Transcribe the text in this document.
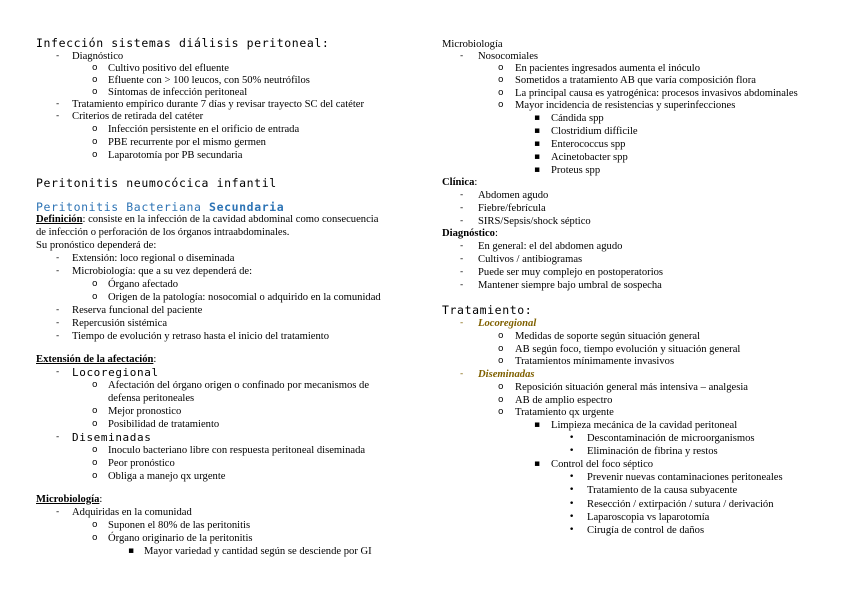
Infección sistemas diálisis peritoneal:
- Diagnóstico
o Cultivo positivo del efluente
o Efluente con > 100 leucos, con 50% neutrófilos
o Síntomas de infección peritoneal
- Tratamiento empírico durante 7 días y revisar trayecto SC del catéter
- Criterios de retirada del catéter
o Infección persistente en el orificio de entrada
o PBE recurrente por el mismo germen
o Laparotomía por PB secundaria
Peritonitis neumocócica infantil
Peritonitis Bacteriana Secundaria
Definición: consiste en la infección de la cavidad abdominal como consecuencia
de infección o perforación de los órganos intraabdominales.
Su pronóstico dependerá de:
- Extensión: loco regional o diseminada
- Microbiología: que a su vez dependerá de:
o Órgano afectado
o Origen de la patología: nosocomial o adquirido en la comunidad
- Reserva funcional del paciente
- Repercusión sistémica
- Tiempo de evolución y retraso hasta el inicio del tratamiento
Extensión de la afectación:
- Locoregional
o Afectación del órgano origen o confinado por mecanismos de
defensa peritoneales
o Mejor pronostico
o Posibilidad de tratamiento
- Diseminadas
o Inoculo bacteriano libre con respuesta peritoneal diseminada
o Peor pronóstico
o Obliga a manejo qx urgente
Microbiología:
- Adquiridas en la comunidad
o Suponen el 80% de las peritonitis
o Órgano originario de la peritonitis
▪ Mayor variedad y cantidad según se desciende por GI
Microbiología
- Nosocomiales
o En pacientes ingresados aumenta el inóculo
o Sometidos a tratamiento AB que varía composición flora
o La principal causa es yatrogénica: procesos invasivos abdominales
o Mayor incidencia de resistencias y superinfecciones
▪ Cándida spp
▪ Clostridium difficile
▪ Enterococcus spp
▪ Acinetobacter spp
▪ Proteus spp
Clínica:
- Abdomen agudo
- Fiebre/febrícula
- SIRS/Sepsis/shock séptico
Diagnóstico:
- En general: el del abdomen agudo
- Cultivos / antibiogramas
- Puede ser muy complejo en postoperatorios
- Mantener siempre bajo umbral de sospecha
Tratamiento:
- Locoregional
o Medidas de soporte según situación general
o AB según foco, tiempo evolución y situación general
o Tratamientos mínimamente invasivos
- Diseminadas
o Reposición situación general más intensiva – analgesia
o AB de amplio espectro
o Tratamiento qx urgente
▪ Limpieza mecánica de la cavidad peritoneal
• Descontaminación de microorganismos
• Eliminación de fibrina y restos
▪ Control del foco séptico
• Prevenir nuevas contaminaciones peritoneales
• Tratamiento de la causa subyacente
• Resección / extirpación / sutura / derivación
• Laparoscopia vs laparotomía
• Cirugía de control de daños
